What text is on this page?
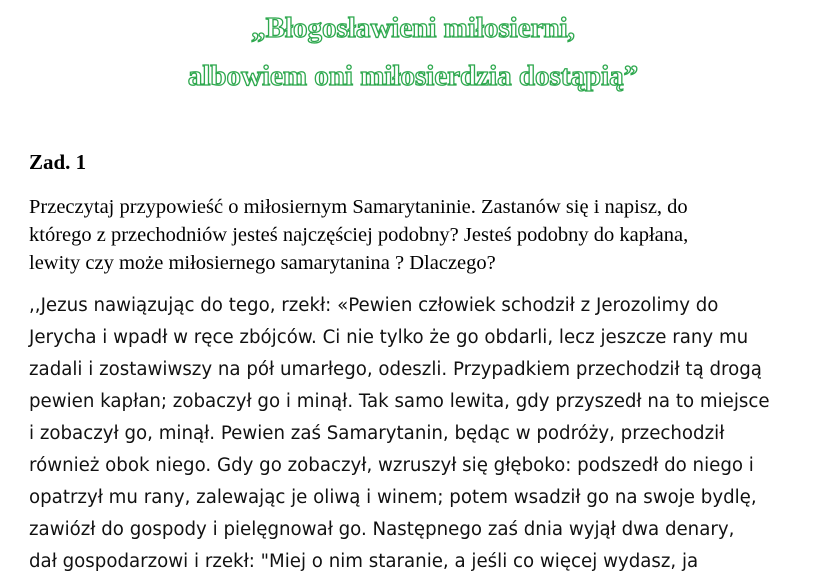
„Błogosławieni miłosierni,
albowiem oni miłosierdzia dostąpią”
Zad. 1

Przeczytaj przypowieść o miłosiernym Samarytaninie. Zastanów się i napisz, do
którego z przechodniów jesteś najczęściej podobny? Jesteś podobny do kapłana,
lewity czy może miłosiernego samarytanina ? Dlaczego?

,,Jezus nawiązując do tego, rzekł: «Pewien człowiek schodził z Jerozolimy do
Jerycha i wpadł w ręce zbójców. Ci nie tylko że go obdarli, lecz jeszcze rany mu
zadali i zostawiwszy na pół umarłego, odeszli. Przypadkiem przechodził tą drogą
pewien kapłan; zobaczył go i minął. Tak samo lewita, gdy przyszedł na to miejsce
i zobaczył go, minął. Pewien zaś Samarytanin, będąc w podróży, przechodził
również obok niego. Gdy go zobaczył, wzruszył się głęboko: podszedł do niego i
opatrzył mu rany, zalewając je oliwą i winem; potem wsadził go na swoje bydlę,
zawiózł do gospody i pielęgnował go. Następnego zaś dnia wyjął dwa denary,
dał gospodarzowi i rzekł: "Miej o nim staranie, a jeśli co więcej wydasz, ja
